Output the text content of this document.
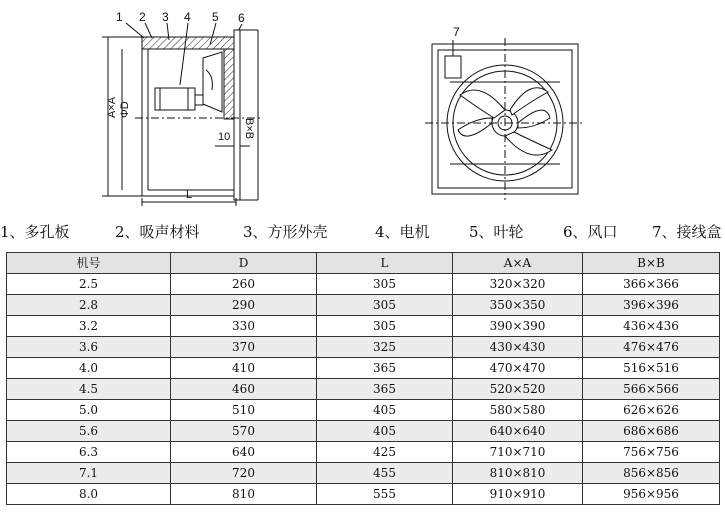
1 2 3 4 5 6
A×A ΦD
B×B
10
L
7
1、多孔板	2、吸声材料	3、方形外壳	4、电机	5、叶轮	6、风口 7、接线盒
机号	D	L	A×A	B×B
2.5	260	305	320×320	366×366
2.8	290	305	350×350	396×396
3.2	330	305	390×390	436×436
3.6	370	325	430×430	476×476
4.0	410	365	470×470	516×516
4.5	460	365	520×520	566×566
5.0	510	405	580×580	626×626
5.6	570	405	640×640	686×686
6.3	640	425	710×710	756×756
7.1	720	455	810×810	856×856
8.0	810	555	910×910	956×956
